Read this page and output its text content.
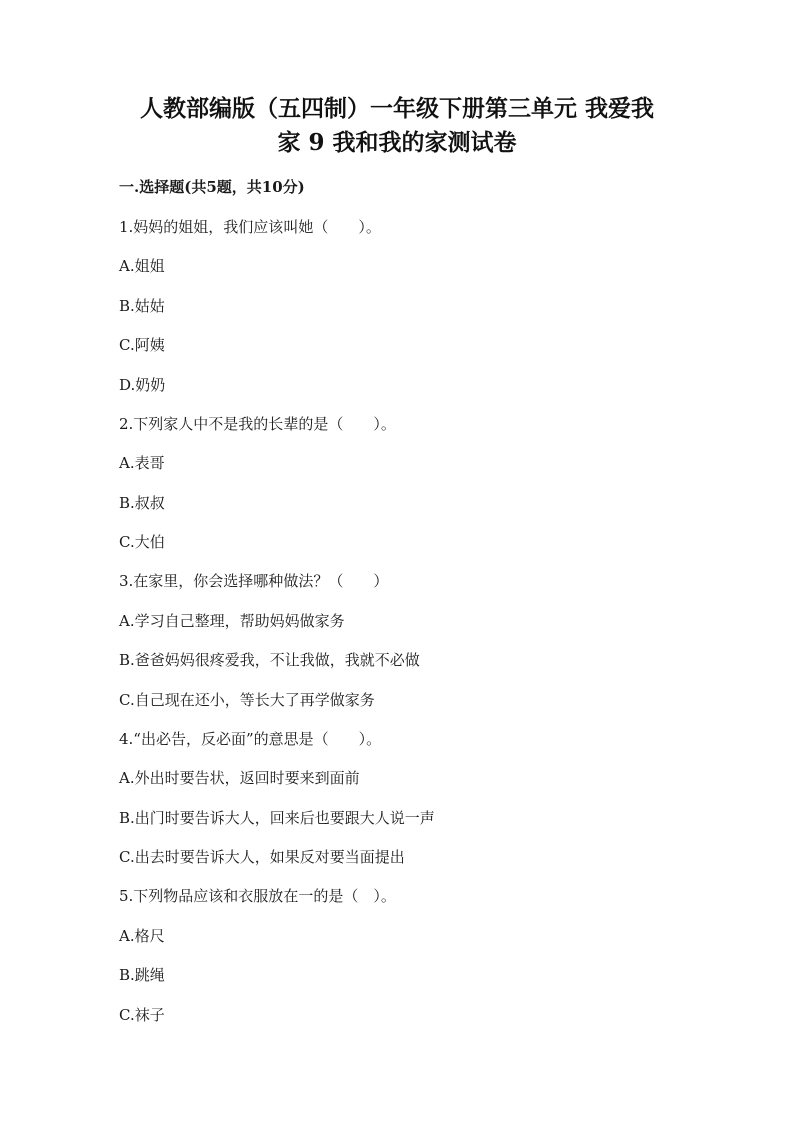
人教部编版（五四制）一年级下册第三单元 我爱我
家 9 我和我的家测试卷
一.选择题(共5题，共10分)
1.妈妈的姐姐，我们应该叫她（　　）。
A.姐姐
B.姑姑
C.阿姨
D.奶奶
2.下列家人中不是我的长辈的是（　　）。
A.表哥
B.叔叔
C.大伯
3.在家里，你会选择哪种做法？（　　）
A.学习自己整理，帮助妈妈做家务
B.爸爸妈妈很疼爱我，不让我做，我就不必做
C.自己现在还小，等长大了再学做家务
4.“出必告，反必面”的意思是（　　）。
A.外出时要告状，返回时要来到面前
B.出门时要告诉大人，回来后也要跟大人说一声
C.出去时要告诉大人，如果反对要当面提出
5.下列物品应该和衣服放在一的是（　）。
A.格尺
B.跳绳
C.袜子
